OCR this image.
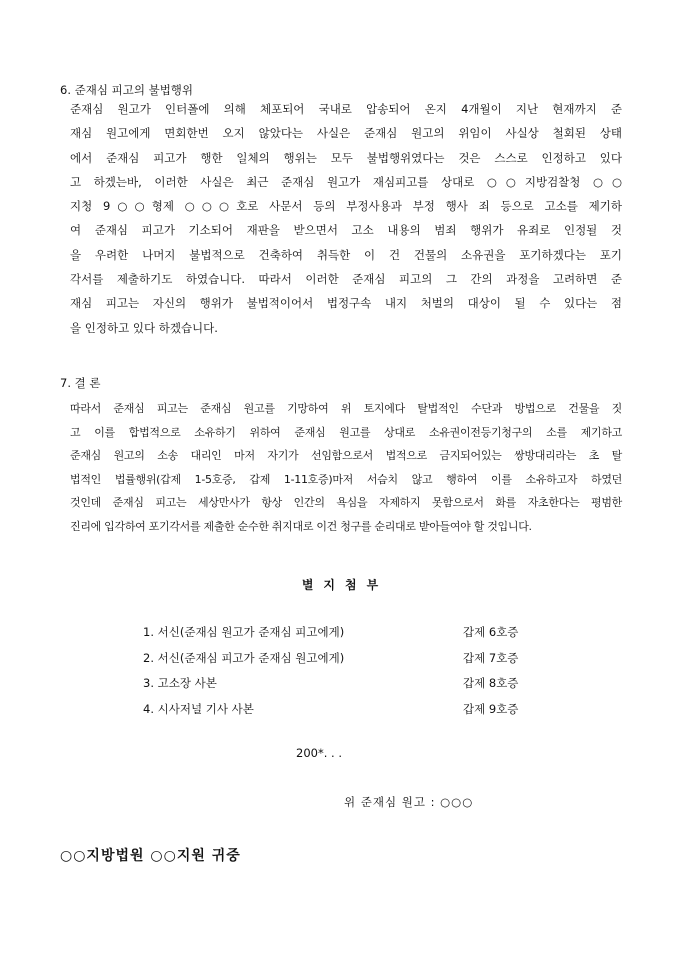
6. 준재심 피고의 불법행위
준재심 원고가 인터폴에 의해 체포되어 국내로 압송되어 온지 4개월이 지난 현재까지 준
재심 원고에게 면회한번 오지 않았다는 사실은 준재심 원고의 위임이 사실상 철회된 상태
에서 준재심 피고가 행한 일체의 행위는 모두 불법행위였다는 것은 스스로 인정하고 있다
고 하겠는바, 이러한 사실은 최근 준재심 원고가 재심피고를 상대로 ○○지방검찰청 ○○
지청 9○○형제 ○○○호로 사문서 등의 부정사용과 부정 행사 죄 등으로 고소를 제기하
여 준재심 피고가 기소되어 재판을 받으면서 고소 내용의 범죄 행위가 유죄로 인정될 것
을 우려한 나머지 불법적으로 건축하여 취득한 이 건 건물의 소유권을 포기하겠다는 포기
각서를 제출하기도 하였습니다. 따라서 이러한 준재심 피고의 그 간의 과정을 고려하면 준
재심 피고는 자신의 행위가 불법적이어서 법정구속 내지 처벌의 대상이 될 수 있다는 점
을 인정하고 있다 하겠습니다.
7. 결 론
따라서 준재심 피고는 준재심 원고를 기망하여 위 토지에다 탈법적인 수단과 방법으로 건물을 짓
고 이를 합법적으로 소유하기 위하여 준재심 원고를 상대로 소유권이전등기청구의 소를 제기하고
준재심 원고의 소송 대리인 마저 자기가 선임함으로서 법적으로 금지되어있는 쌍방대리라는 초 탈
법적인 법률행위(갑제 1-5호증, 갑제 1-11호증)마저 서슴치 않고 행하여 이를 소유하고자 하였던
것인데 준재심 피고는 세상만사가 항상 인간의 욕심을 자제하지 못함으로서 화를 자초한다는 평범한
진리에 입각하여 포기각서를 제출한 순수한 취지대로 이건 청구를 순리대로 받아들여야 할 것입니다.
별지첨부
1. 서신(준재심 원고가 준재심 피고에게)	갑제 6호증
2. 서신(준재심 피고가 준재심 원고에게)	갑제 7호증
3. 고소장 사본	갑제 8호증
4. 시사저널 기사 사본	갑제 9호증
200*. . .
위 준재심 원고 : ○○○
○○지방법원 ○○지원 귀중
